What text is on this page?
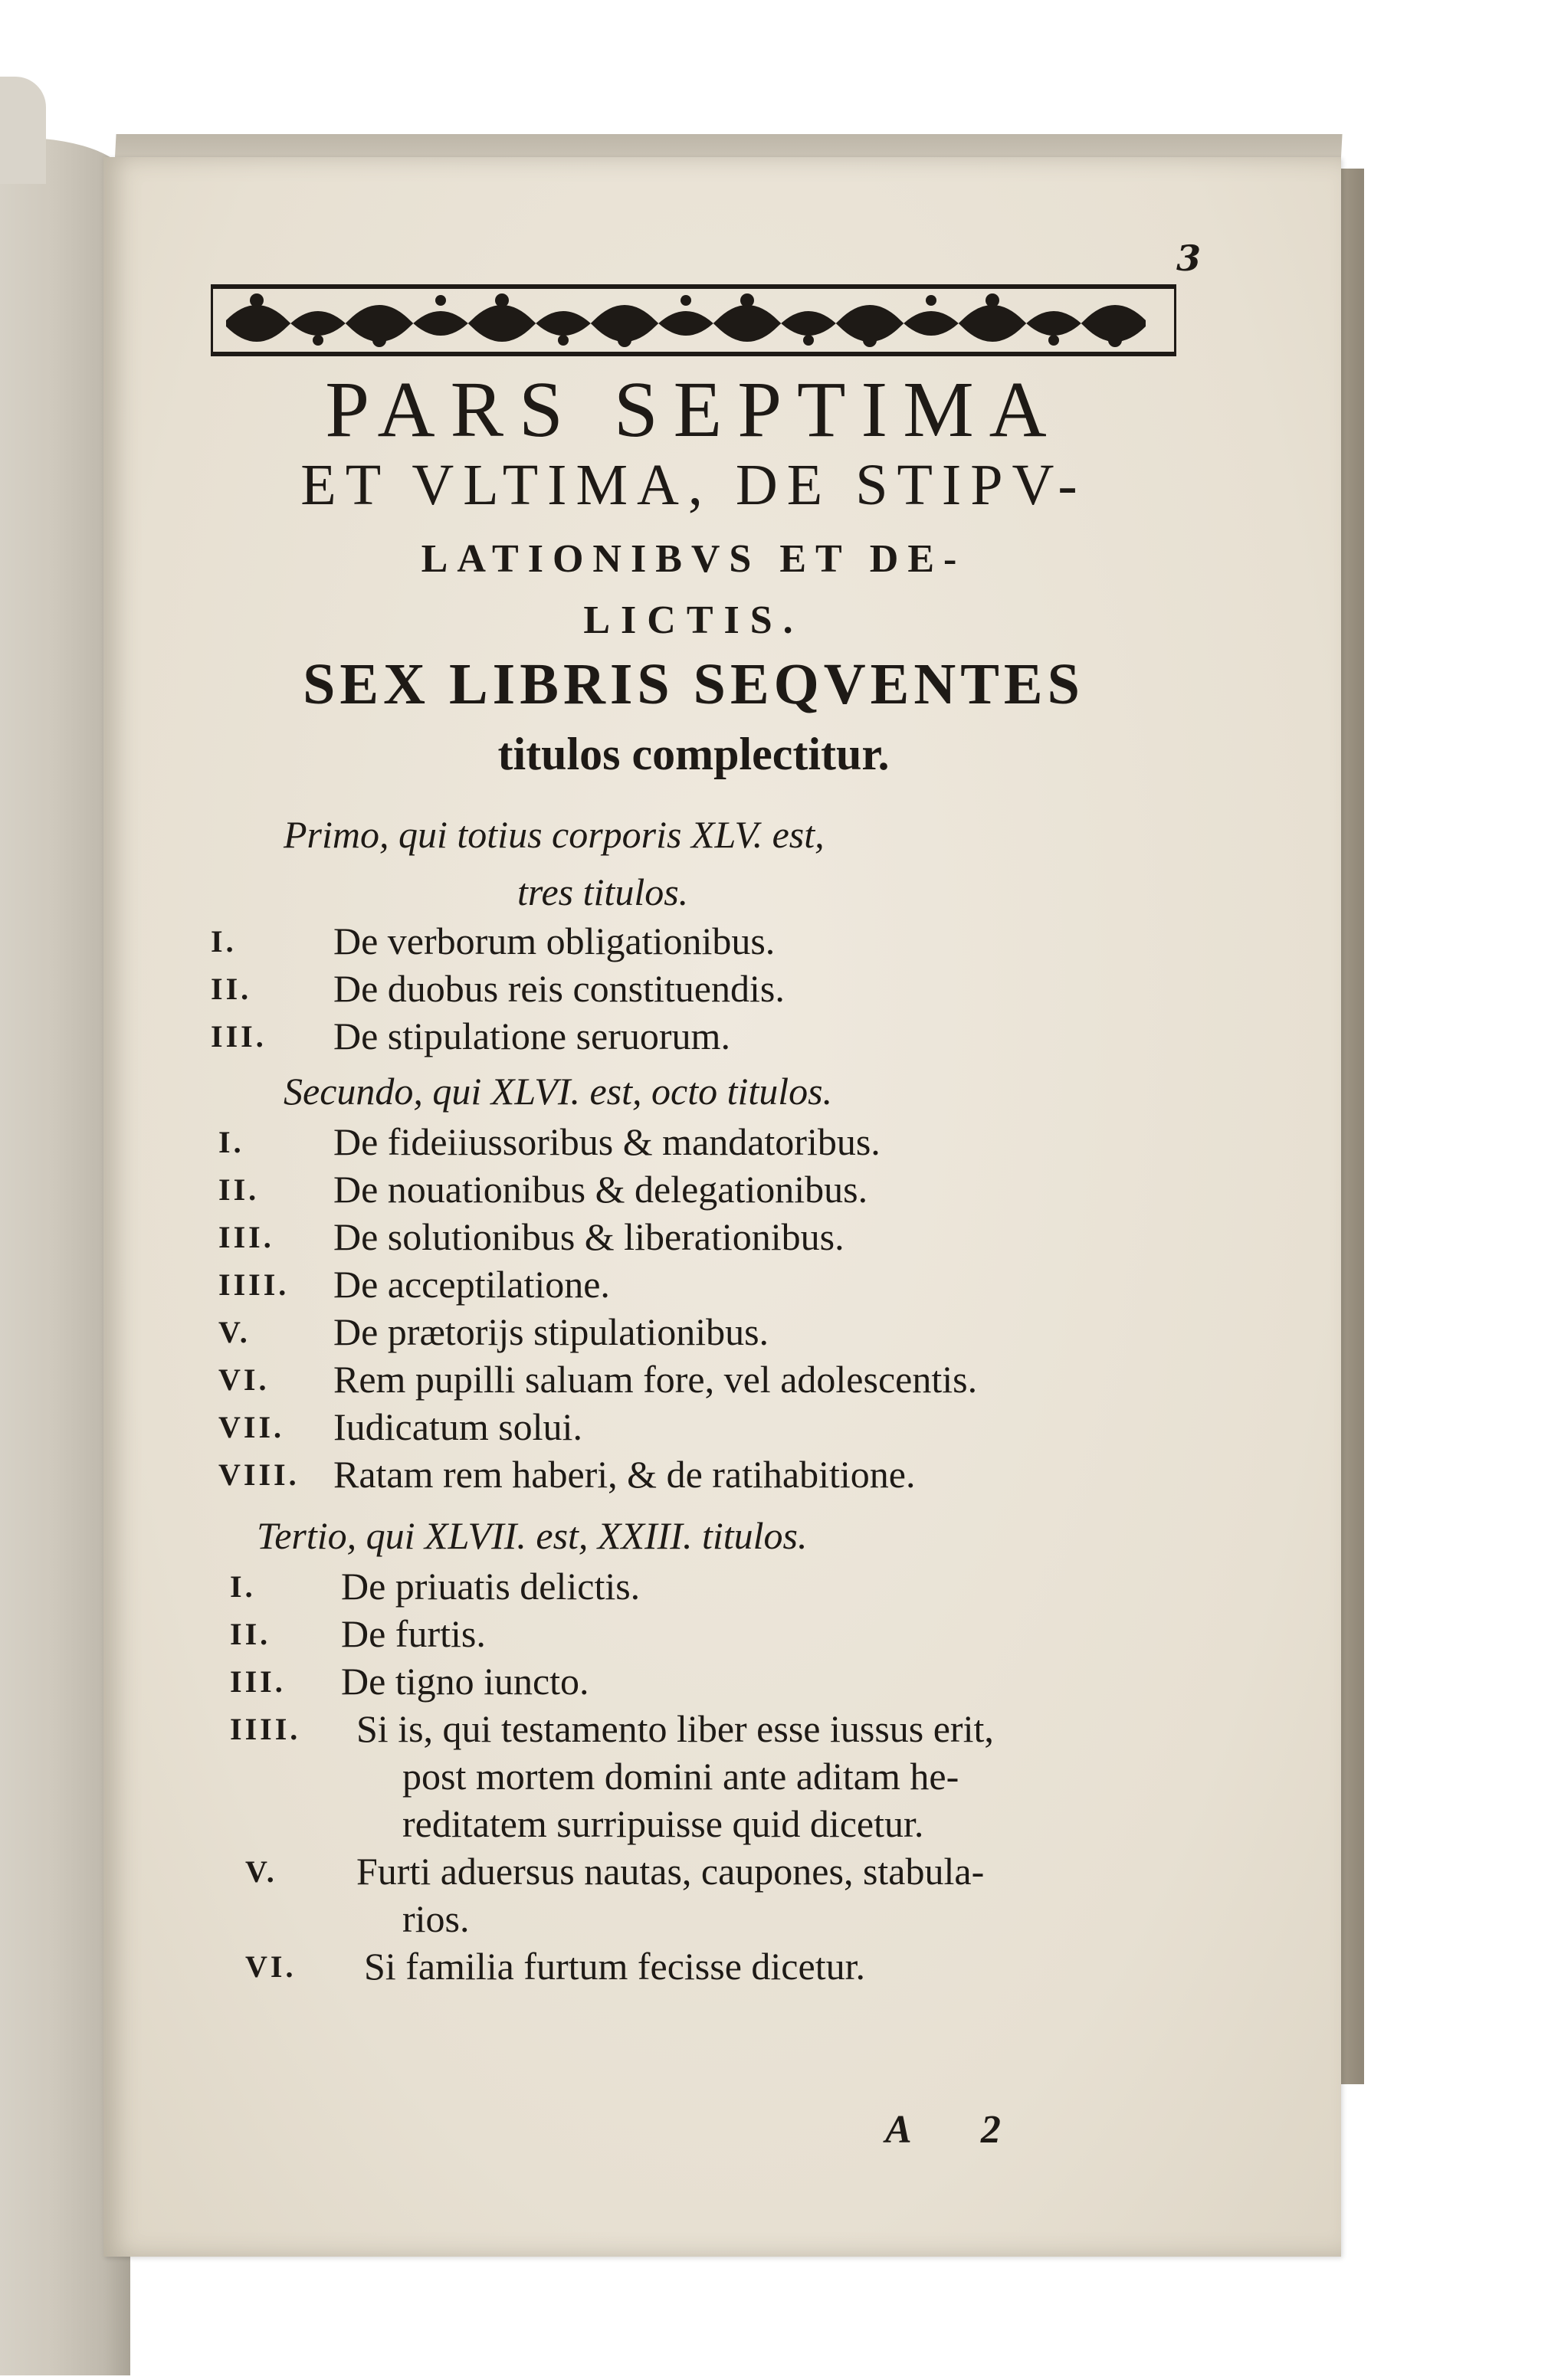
3
PARS SEPTIMA
ET VLTIMA, DE STIPV-
LATIONIBVS ET DE-
LICTIS.
SEX LIBRIS SEQVENTES
titulos complectitur.
Primo, qui totius corporis XLV. est,
tres titulos.
I.	De verborum obligationibus.
II. De duobus reis constituendis.
III. De stipulatione seruorum.
Secundo, qui XLVI. est, octo titulos.
I. De fideiiussoribus & mandatoribus.
II. De nouationibus & delegationibus.
III. De solutionibus & liberationibus.
IIII. De acceptilatione.
V. De prætorijs stipulationibus.
VI. Rem pupilli saluam fore, vel adolescentis.
VII. Iudicatum solui.
VIII. Ratam rem haberi, & de ratihabitione.
Tertio, qui XLVII. est, XXIII. titulos.
I. De priuatis delictis.
II. De furtis.
III. De tigno iuncto.
IIII. Si is, qui testamento liber esse iussus erit,
post mortem domini ante aditam he-
reditatem surripuisse quid dicetur.
V. Furti aduersus nautas, caupones, stabula-
rios.
VI. Si familia furtum fecisse dicetur.
A 2
